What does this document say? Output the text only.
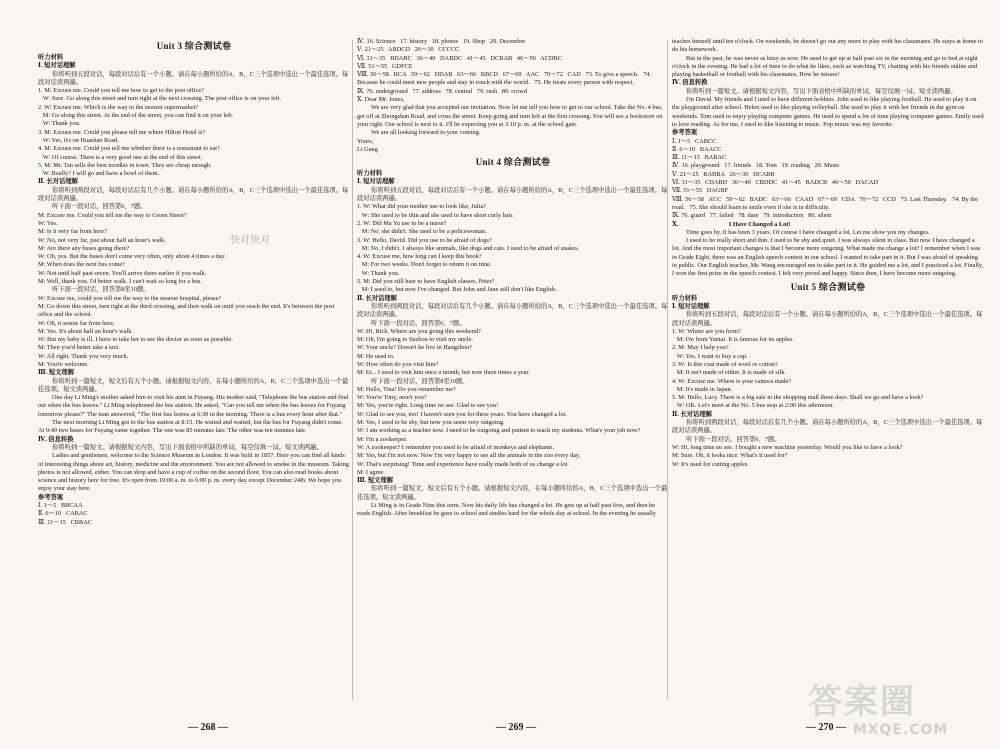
Unit 3 综合测试卷
听力材料
Ⅰ. 短对话理解
你将听到五段对话，每段对话后有一个小题。请在每小题所给的A，B，C三个选项中选出一个最佳选项。每段对话读两遍。
1. M: Excuse me. Could you tell me how to get to the post office?
W: Sure. Go along this street and turn right at the next crossing. The post office is on your left.
2. W: Excuse me. Which is the way to the nearest supermarket?
M: Go along this street. At the end of the street, you can find it on your left.
W: Thank you.
3. M: Excuse me. Could you please tell me where Hilton Hotel is?
W: Yes, it's on Huashan Road.
4. M: Excuse me. Could you tell me whether there is a restaurant to eat?
W: Of course. There is a very good one at the end of this street.
5. M: Mr. Tan sells the best noodles in town. They are cheap enough.
W: Really? I will go and have a bowl of them.
Ⅱ. 长对话理解
你将听到两段对话，每段对话后有几个小题。请在每小题所给的A，B，C三个选项中选出一个最佳选项。每段对话读两遍。
听下面一段对话，回答第6、7题。
M: Excuse me. Could you tell me the way to Green Street?
W: Yes.
M: Is it very far from here?
W: No, not very far, just about half an hour's walk.
M: Are there any buses going there?
W: Oh, yes. But the buses don't come very often, only about 4 times a day.
M: When does the next bus come?
W: Not until half past seven. You'll arrive there earlier if you walk.
M: Well, thank you. I'd better walk. I can't wait so long for a bus.
听下面一段对话，回答第8至10题。
W: Excuse me, could you tell me the way to the nearest hospital, please?
M: Go down this street, turn right at the third crossing, and then walk on until you reach the end. It's between the post office and the school.
W: Oh, it seems far from here.
M: Yes. It's about half an hour's walk.
W: But my baby is ill. I have to take her to see the doctor as soon as possible.
M: Then you'd better take a taxi.
W: All right. Thank you very much.
M: You're welcome.
Ⅲ. 短文理解
你将听到一篇短文，短文后有五个小题。请根据短文内容，在每小题所给的A，B，C三个选项中选出一个最佳选项。短文读两遍。
One day Li Ming's mother asked him to visit his aunt in Fuyang. His mother said, "Telephone the bus station and find out when the bus leaves." Li Ming telephoned the bus station. He asked, "Can you tell me when the bus leaves for Fuyang tomorrow please?" The man answered, "The first bus leaves at 6:30 in the morning. There is a bus every hour after that."
The next morning Li Ming got to the bus station at 8:15. He waited and waited, but the bus for Fuyang didn't come. At 9:40 two buses for Fuyang came together. The one was 85 minutes late. The other was ten minutes late.
Ⅳ. 信息转换
你将听到一篇短文。请根据短文内容，写出下面表格中所缺的单词，每空仅填一词。短文读两遍。
Ladies and gentlemen, welcome to the Science Museum in London. It was built in 1857. Here you can find all kinds of interesting things about art, history, medicine and the environment. You are not allowed to smoke in the museum. Taking photos is not allowed, either. You can shop and have a cup of coffee on the second floor. You can also read books about science and history here for free. It's open from 10:00 a. m. to 6:00 p. m. every day except December 24th. We hope you enjoy your stay here.
参考答案
Ⅰ. 1～5   BBCAA
Ⅱ. 6～10   CABAC
Ⅲ. 11～15   CBBAC
Ⅳ. 16. Science   17. history   18. photos   19. Shop   20. December
Ⅴ. 21～25   ABDCD   26～30   CCCCC
Ⅵ. 31～35   BDABC   36～40   DABDC   41～45   DCBAB   46～50   ACDBC
Ⅶ. 51～55   GDFCE
Ⅷ. 56～58   BCA   59～62   DDAB   63～66   BBCD   67～69   AAC   70～72   CAD   73. To give a speech.   74. Because he could meet new people and stay in touch with the world.   75. He treats every person with respect.
Ⅸ. 76. underground   77. address   78. central   79. rush   80. crowd
Ⅹ. Dear Mr. Jones,
We are very glad that you accepted our invitation. Now let me tell you how to get to our school. Take the No. 4 bus, get off at Zhongshan Road, and cross the street. Keep going and turn left at the first crossing. You will see a bookstore on your right. Our school is next to it. I'll be expecting you at 3:10 p. m. at the school gate.
We are all looking forward to your coming.
Yours,
Li Gang
Unit 4 综合测试卷
听力材料
Ⅰ. 短对话理解
你将听到五段对话，每段对话后有一个小题。请在每小题所给的A，B，C三个选项中选出一个最佳选项。每段对话读两遍。
1. W: What did your mother use to look like, Julia?
W: She used to be thin and she used to have short curly hair.
2. W: Did Ma Yu use to be a nurse?
M: No, she didn't. She used to be a policewoman.
3. W: Hello, David. Did you use to be afraid of dogs?
M: No, I didn't. I always like animals, like dogs and cats. I used to be afraid of snakes.
4. W: Excuse me, how long can I keep this book?
M: For two weeks. Don't forget to return it on time.
W: Thank you.
5. M: Did you still hate to have English classes, Peter?
M: I used to, but now I've changed. But John and Jane still don't like English.
Ⅱ. 长对话理解
你将听到两段对话，每段对话后有几个小题。请在每小题所给的A，B，C三个选项中选出一个最佳选项。每段对话读两遍。
听下面一段对话，回答第6、7题。
W: Hi, Rick. Where are you going this weekend?
M: Oh, I'm going to Suzhou to visit my uncle.
W: Your uncle? Doesn't he live in Hangzhou?
M: He used to.
W: How often do you visit him?
M: Er... I used to visit him once a month, but now three times a year.
听下面一段对话，回答第8至10题。
M: Hello, Tina! Do you remember me?
W: You're Tony, aren't you?
M: Yes, you're right. Long time no see. Glad to see you!
W: Glad to see you, too! I haven't seen you for three years. You have changed a lot.
M: Yes, I used to be shy, but now you seem very outgoing.
W: I am working as a teacher now. I need to be outgoing and patient to teach my students. What's your job now?
M: I'm a zookeeper.
W: A zookeeper? I remember you used to be afraid of monkeys and elephants.
M: Yes, but I'm not now. Now I'm very happy to see all the animals in the zoo every day.
W: That's surprising! Time and experience have really made both of us change a lot.
M: I agree.
Ⅲ. 短文理解
你将听到一篇短文，短文后有五个小题。请根据短文内容，在每小题所给的A，B，C三个选项中选出一个最佳选项。短文读两遍。
Li Ming is in Grade Nine this term. Now his daily life has changed a lot. He gets up at half past five, and then he reads English. After breakfast he goes to school and studies hard for the whole day at school. In the evening he usually
teaches himself until ten o'clock. On weekends, he doesn't go out any more to play with his classmates. He stays at home to do his homework.
But in the past, he was never as busy as now. He used to get up at half past six in the morning and go to bed at eight o'clock in the evening. He had a lot of time to do what he likes, such as watching TV, chatting with his friends online and playing basketball or football with his classmates. How he misses!
Ⅳ. 信息转换
你将听到一篇短文。请根据短文内容，写出下面表格中所缺的单词，每空仅填一词。短文读两遍。
I'm David. My friends and I used to have different hobbies. John used to like playing football. He used to play it on the playground after school. Helen used to like playing volleyball. She used to play it with her friends in the gym on weekends. Tom used to enjoy playing computer games. He used to spend a lot of time playing computer games. Emily used to love reading. As for me, I used to like listening to music. Pop music was my favorite.
参考答案
Ⅰ. 1～5   CABCC
Ⅱ. 6～10   BAACC
Ⅲ. 11～15   BABAC
Ⅳ. 16. playground   17. friends   18. Tom   19. reading   20. Music
Ⅴ. 21～25   BABBA   26～30   DCABB
Ⅵ. 31～35   CDABD   36～40   CBDDC   41～45   BADCB   46～50   DACAD
Ⅶ. 51～55   DAGBF
Ⅷ. 56～58   ACC   59～62   BADC   63～66   CAAD   67～69   CDA   70～72   CCD   73. Last Thursday.   74. By the road.   75. She should learn to smile even if she is in difficulty.
Ⅸ. 76. guard   77. failed   78. dare   79. introduction   80. silent
Ⅹ.                                I Have Changed a Lot!
Time goes by. It has been 3 years. Of course I have changed a lot. Let me show you my changes.
I used to be really short and thin. I used to be shy and quiet. I was always silent in class. But now I have changed a lot. And the most important changes is that I become more outgoing. What made me change a lot? I remember when I was in Grade Eight, there was an English speech contest in our school. I wanted to take part in it. But I was afraid of speaking in public. Our English teacher, Mr. Wang encouraged me to take part in it. He guided me a lot, and I practiced a lot. Finally, I won the first prize in the speech contest. I felt very proud and happy. Since then, I have become more outgoing.
Unit 5 综合测试卷
听力材料
Ⅰ. 短对话理解
你将听到五段对话，每段对话后有一个小题。请在每小题所给的A，B，C三个选项中选出一个最佳选项。每段对话读两遍。
1. W: Where are you from?
M: I'm from Yantai. It is famous for its apples.
2. M: May I help you?
W: Yes. I want to buy a cap.
3. W: Is this coat made of wool or cotton?
M: It isn't made of either. It is made of silk.
4. W: Excuse me. Where is your camera made?
M: It's made in Japan.
5. M: Hello, Lucy. There is a big sale in the shopping mall these days. Shall we go and have a look?
W: OK. Let's meet at the No. 5 bus stop at 2:00 this afternoon.
Ⅱ. 长对话理解
你将听到两段对话，每段对话后有几个小题。请在每小题所给的A，B，C三个选项中选出一个最佳选项。每段对话读两遍。
听下面一段对话，回答第6、7题。
W: Hi, long time no see. I bought a new machine yesterday. Would you like to have a look?
M: Sure. Oh, it looks nice. What's it used for?
W: It's used for cutting apples.
— 268 —	— 269 —	— 270 —
快对快对
答案圈
MXQE.COM
